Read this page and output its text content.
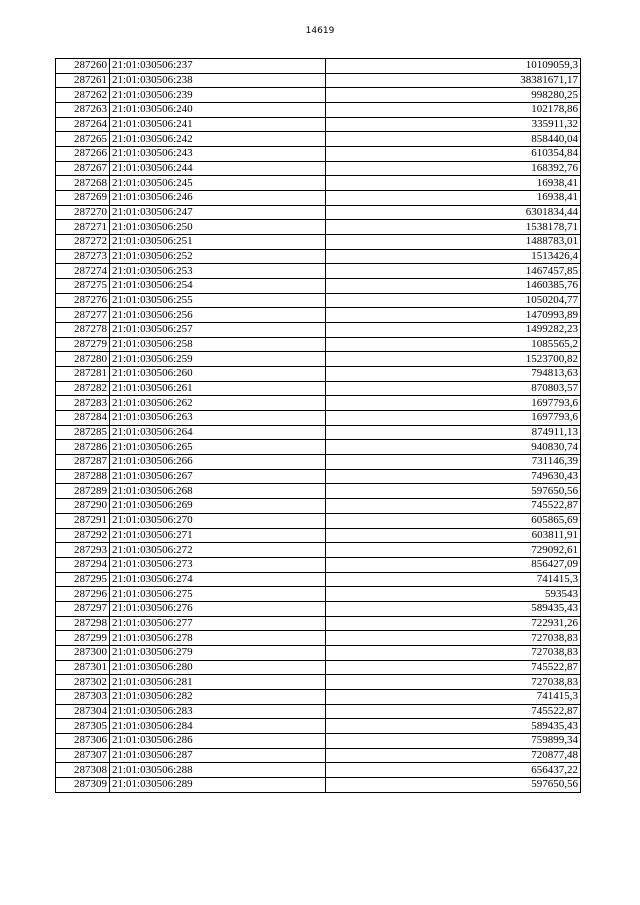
14619
287260	21:01:030506:237	10109059,3
287261	21:01:030506:238	38381671,17
287262	21:01:030506:239	998280,25
287263	21:01:030506:240	102178,86
287264	21:01:030506:241	335911,32
287265	21:01:030506:242	858440,04
287266	21:01:030506:243	610354,84
287267	21:01:030506:244	168392,76
287268	21:01:030506:245	16938,41
287269	21:01:030506:246	16938,41
287270	21:01:030506:247	6301834,44
287271	21:01:030506:250	1538178,71
287272	21:01:030506:251	1488783,01
287273	21:01:030506:252	1513426,4
287274	21:01:030506:253	1467457,85
287275	21:01:030506:254	1460385,76
287276	21:01:030506:255	1050204,77
287277	21:01:030506:256	1470993,89
287278	21:01:030506:257	1499282,23
287279	21:01:030506:258	1085565,2
287280	21:01:030506:259	1523700,82
287281	21:01:030506:260	794813,63
287282	21:01:030506:261	870803,57
287283	21:01:030506:262	1697793,6
287284	21:01:030506:263	1697793,6
287285	21:01:030506:264	874911,13
287286	21:01:030506:265	940830,74
287287	21:01:030506:266	731146,39
287288	21:01:030506:267	749630,43
287289	21:01:030506:268	597650,56
287290	21:01:030506:269	745522,87
287291	21:01:030506:270	605865,69
287292	21:01:030506:271	603811,91
287293	21:01:030506:272	729092,61
287294	21:01:030506:273	856427,09
287295	21:01:030506:274	741415,3
287296	21:01:030506:275	593543
287297	21:01:030506:276	589435,43
287298	21:01:030506:277	722931,26
287299	21:01:030506:278	727038,83
287300	21:01:030506:279	727038,83
287301	21:01:030506:280	745522,87
287302	21:01:030506:281	727038,83
287303	21:01:030506:282	741415,3
287304	21:01:030506:283	745522,87
287305	21:01:030506:284	589435,43
287306	21:01:030506:286	759899,34
287307	21:01:030506:287	720877,48
287308	21:01:030506:288	656437,22
287309	21:01:030506:289	597650,56
